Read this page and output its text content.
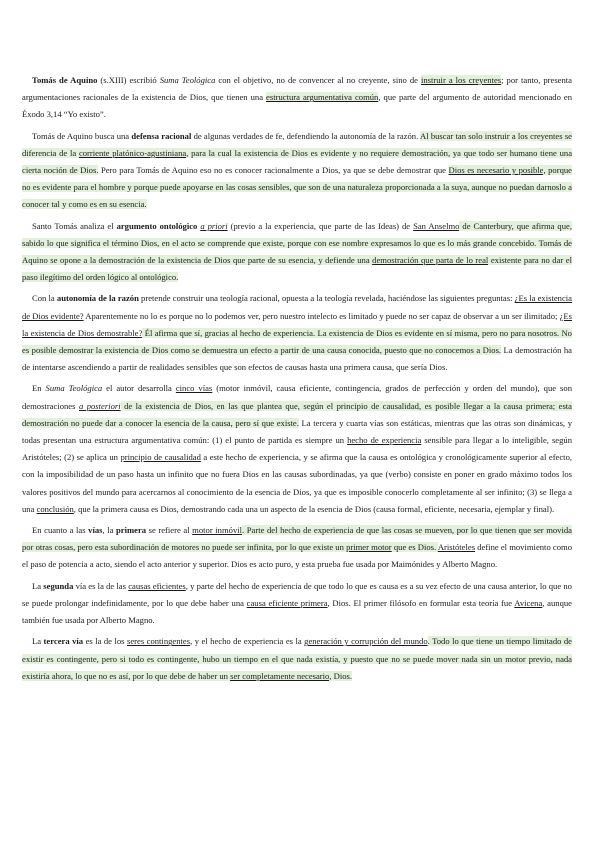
Tomás de Aquino (s.XIII) escribió Suma Teológica con el objetivo, no de convencer al no creyente, sino de instruir a los creyentes; por tanto, presenta argumentaciones racionales de la existencia de Dios, que tienen una estructura argumentativa común, que parte del argumento de autoridad mencionado en Éxodo 3,14 “Yo existo”.

Tomás de Aquino busca una defensa racional de algunas verdades de fe, defendiendo la autonomía de la razón. Al buscar tan solo instruir a los creyentes se diferencia de la corriente platónico-agustiniana, para la cual la existencia de Dios es evidente y no requiere demostración, ya que todo ser humano tiene una cierta noción de Dios. Pero para Tomás de Aquino eso no es conocer racionalmente a Dios, ya que se debe demostrar que Dios es necesario y posible, porque no es evidente para el hombre y porque puede apoyarse en las cosas sensibles, que son de una naturaleza proporcionada a la suya, aunque no puedan darnoslo a conocer tal y como es en su esencia.

Santo Tomás analiza el argumento ontológico a priori (previo a la experiencia, que parte de las Ideas) de San Anselmo de Canterbury, que afirma que, sabido lo que significa el término Dios, en el acto se comprende que existe, porque con ese nombre expresamos lo que es lo más grande concebido. Tomás de Aquino se opone a la demostración de la existencia de Dios que parte de su esencia, y defiende una demostración que parta de lo real existente para no dar el paso ilegítimo del orden lógico al ontológico.

Con la autonomía de la razón pretende construir una teología racional, opuesta a la teología revelada, haciéndose las siguientes preguntas: ¿Es la existencia de Dios evidente? Aparentemente no lo es porque no lo podemos ver, pero nuestro intelecto es limitado y puede no ser capaz de observar a un ser ilimitado; ¿Es la existencia de Dios demostrable? Él afirma que sí, gracias al hecho de experiencia. La existencia de Dios es evidente en sí misma, pero no para nosotros. No es posible demostrar la existencia de Dios como se demuestra un efecto a partir de una causa conocida, puesto que no conocemos a Dios. La demostración ha de intentarse ascendiendo a partir de realidades sensibles que son efectos de causas hasta una primera causa, que sería Dios.

En Suma Teológica el autor desarrolla cinco vías (motor inmóvil, causa eficiente, contingencia, grados de perfección y orden del mundo), que son demostraciones a posteriori de la existencia de Dios, en las que plantea que, según el principio de causalidad, es posible llegar a la causa primera; esta demostración no puede dar a conocer la esencia de la causa, pero sí que existe. La tercera y cuarta vías son estáticas, mientras que las otras son dinámicas, y todas presentan una estructura argumentativa común: (1) el punto de partida es siempre un hecho de experiencia sensible para llegar a lo inteligible, según Aristóteles; (2) se aplica un principio de causalidad a este hecho de experiencia, y se afirma que la causa es ontológica y cronológicamente superior al efecto, con la imposibilidad de un paso hasta un infinito que no fuera Dios en las causas subordinadas, ya que (verbo) consiste en poner en grado máximo todos los valores positivos del mundo para acercarnos al conocimiento de la esencia de Dios, ya que es imposible conocerlo completamente al ser infinito; (3) se llega a una conclusión, que la primera causa es Dios, demostrando cada una un aspecto de la esencia de Dios (causa formal, eficiente, necesaria, ejemplar y final).

En cuanto a las vías, la primera se refiere al motor inmóvil. Parte del hecho de experiencia de que las cosas se mueven, por lo que tienen que ser movida por otras cosas, pero esta subordinación de motores no puede ser infinita, por lo que existe un primer motor que es Dios. Aristóteles define el movimiento como el paso de potencia a acto, siendo el acto anterior y superior. Dios es acto puro, y esta prueba fue usada por Maimónides y Alberto Magno.

La segunda vía es la de las causas eficientes, y parte del hecho de experiencia de que todo lo que es causa es a su vez efecto de una causa anterior, lo que no se puede prolongar indefinidamente, por lo que debe haber una causa eficiente primera, Dios. El primer filósofo en formular esta teoría fue Avicena, aunque también fue usada por Alberto Magno.

La tercera vía es la de los seres contingentes, y el hecho de experiencia es la generación y corrupción del mundo. Todo lo que tiene un tiempo limitado de existir es contingente, pero si todo es contingente, hubo un tiempo en el que nada existía, y puesto que no se puede mover nada sin un motor previo, nada existiría ahora, lo que no es así, por lo que debe de haber un ser completamente necesario, Dios.
